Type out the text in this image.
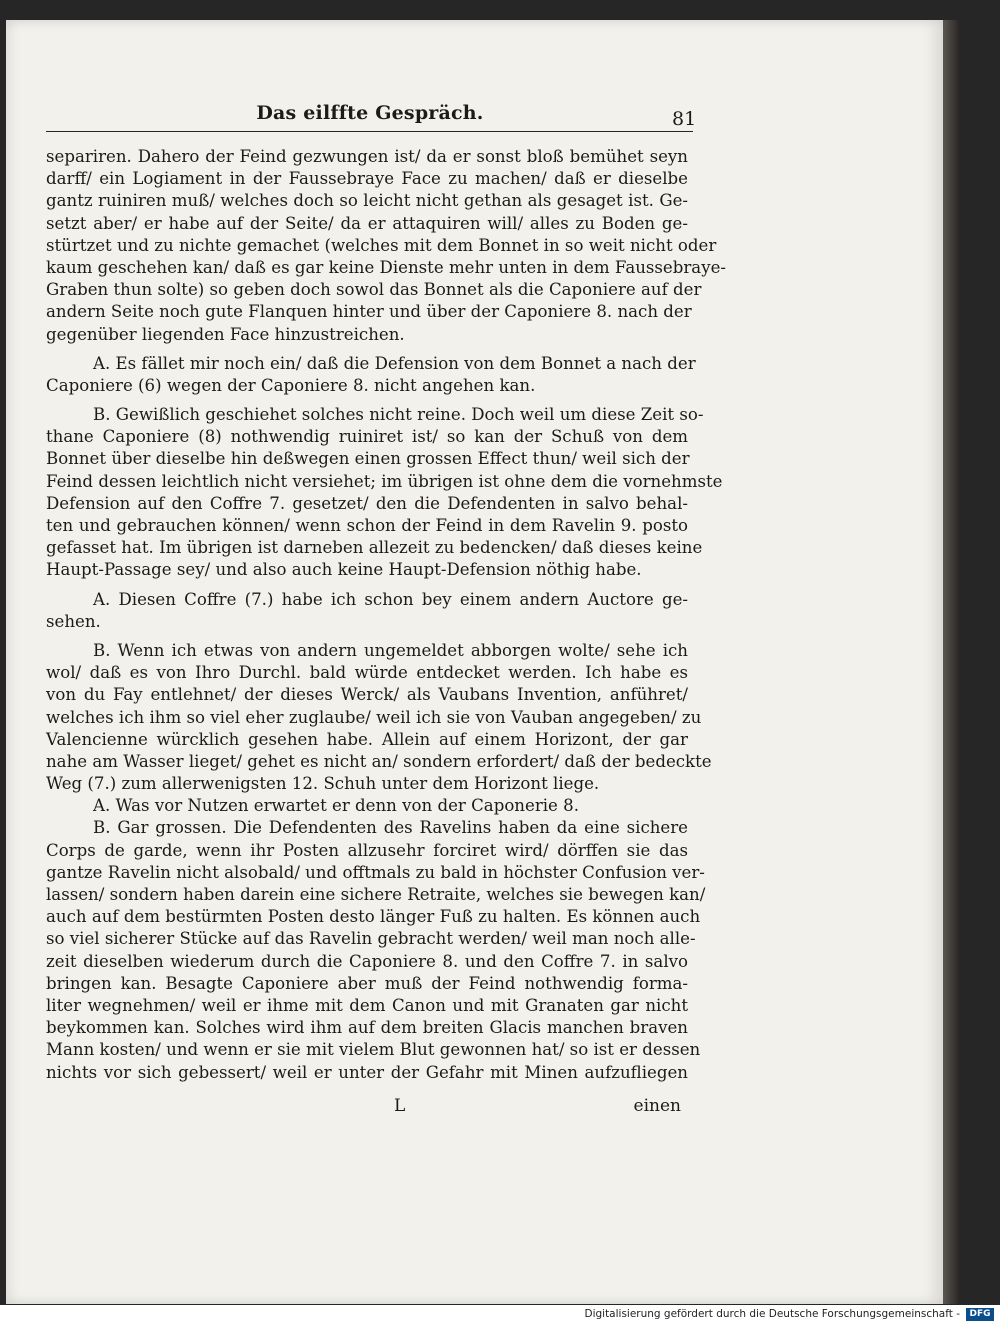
Das eilffte Gespräch.	81
separiren. Dahero der Feind gezwungen ist/ da er sonst bloß bemühet seyn
darff/ ein Logiament in der Faussebraye Face zu machen/ daß er dieselbe
gantz ruiniren muß/ welches doch so leicht nicht gethan als gesaget ist. Ge-
setzt aber/ er habe auf der Seite/ da er attaquiren will/ alles zu Boden ge-
stürtzet und zu nichte gemachet (welches mit dem Bonnet in so weit nicht oder
kaum geschehen kan/ daß es gar keine Dienste mehr unten in dem Faussebraye-
Graben thun solte) so geben doch sowol das Bonnet als die Caponiere auf der
andern Seite noch gute Flanquen hinter und über der Caponiere 8. nach der
gegenüber liegenden Face hinzustreichen.
A. Es fället mir noch ein/ daß die Defension von dem Bonnet a nach der
Caponiere (6) wegen der Caponiere 8. nicht angehen kan.
B. Gewißlich geschiehet solches nicht reine. Doch weil um diese Zeit so-
thane Caponiere (8) nothwendig ruiniret ist/ so kan der Schuß von dem
Bonnet über dieselbe hin deßwegen einen grossen Effect thun/ weil sich der
Feind dessen leichtlich nicht versiehet; im übrigen ist ohne dem die vornehmste
Defension auf den Coffre 7. gesetzet/ den die Defendenten in salvo behal-
ten und gebrauchen können/ wenn schon der Feind in dem Ravelin 9. posto
gefasset hat. Im übrigen ist darneben allezeit zu bedencken/ daß dieses keine
Haupt-Passage sey/ und also auch keine Haupt-Defension nöthig habe.
A. Diesen Coffre (7.) habe ich schon bey einem andern Auctore ge-
sehen.
B. Wenn ich etwas von andern ungemeldet abborgen wolte/ sehe ich
wol/ daß es von Ihro Durchl. bald würde entdecket werden. Ich habe es
von du Fay entlehnet/ der dieses Werck/ als Vaubans Invention, anführet/
welches ich ihm so viel eher zuglaube/ weil ich sie von Vauban angegeben/ zu
Valencienne würcklich gesehen habe. Allein auf einem Horizont, der gar
nahe am Wasser lieget/ gehet es nicht an/ sondern erfordert/ daß der bedeckte
Weg (7.) zum allerwenigsten 12. Schuh unter dem Horizont liege.
A. Was vor Nutzen erwartet er denn von der Caponerie 8.
B. Gar grossen. Die Defendenten des Ravelins haben da eine sichere
Corps de garde, wenn ihr Posten allzusehr forciret wird/ dörffen sie das
gantze Ravelin nicht alsobald/ und offtmals zu bald in höchster Confusion ver-
lassen/ sondern haben darein eine sichere Retraite, welches sie bewegen kan/
auch auf dem bestürmten Posten desto länger Fuß zu halten. Es können auch
so viel sicherer Stücke auf das Ravelin gebracht werden/ weil man noch alle-
zeit dieselben wiederum durch die Caponiere 8. und den Coffre 7. in salvo
bringen kan. Besagte Caponiere aber muß der Feind nothwendig forma-
liter wegnehmen/ weil er ihme mit dem Canon und mit Granaten gar nicht
beykommen kan. Solches wird ihm auf dem breiten Glacis manchen braven
Mann kosten/ und wenn er sie mit vielem Blut gewonnen hat/ so ist er dessen
nichts vor sich gebessert/ weil er unter der Gefahr mit Minen aufzufliegen
L	einen
Digitalisierung gefördert durch die Deutsche Forschungsgemeinschaft -	DFG
